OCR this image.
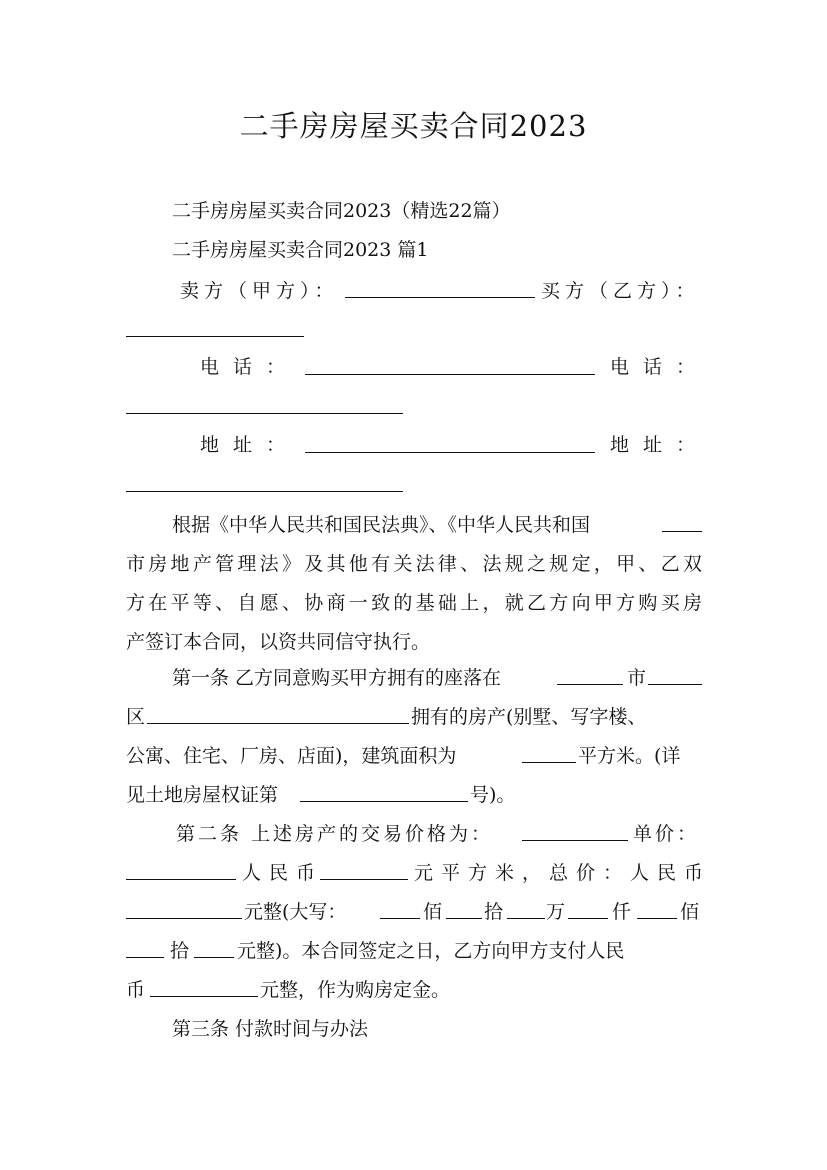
二手房房屋买卖合同2023
二手房房屋买卖合同2023（精选22篇）
二手房房屋买卖合同2023 篇1
卖方（甲方）：	买方（乙方）：
电话：	电话：
地址：	地址：
根据《中华人民共和国民法典》、《中华人民共和国
市房地产管理法》及其他有关法律、法规之规定，甲、乙双
方在平等、自愿、协商一致的基础上，就乙方向甲方购买房
产签订本合同，以资共同信守执行。
第一条 乙方同意购买甲方拥有的座落在	市
区	拥有的房产(别墅、写字楼、
公寓、住宅、厂房、店面)，建筑面积为	平方米。(详
见土地房屋权证第	号)。
第二条 上述房产的交易价格为：	单价：
人民币	元平方米，总价：人民币
元整(大写：	佰 拾 万 仟	佰
拾	元整)。本合同签定之日，乙方向甲方支付人民
币	元整，作为购房定金。
第三条 付款时间与办法
